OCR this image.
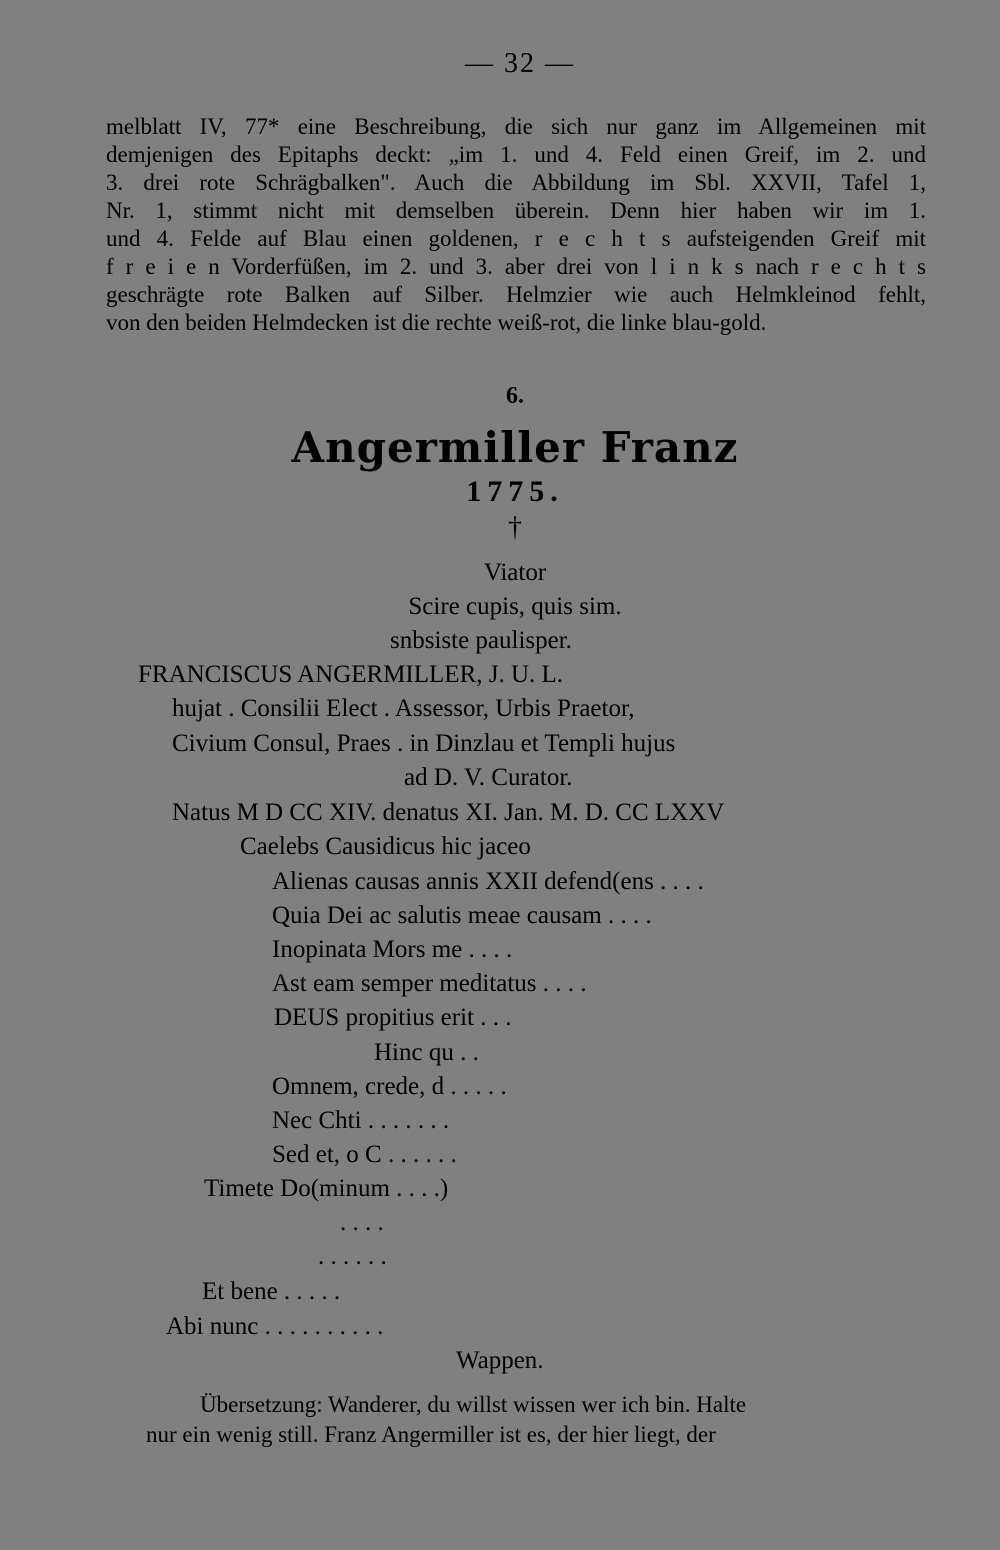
— 32 —
melblatt IV, 77* eine Beschreibung, die sich nur ganz im Allgemeinen mit
demjenigen des Epitaphs deckt: „im 1. und 4. Feld einen Greif, im 2. und
3. drei rote Schrägbalken". Auch die Abbildung im Sbl. XXVII, Tafel 1,
Nr. 1, stimmt nicht mit demselben überein. Denn hier haben wir im 1.
und 4. Felde auf Blau einen goldenen, r e c h t s aufsteigenden Greif mit
f r e i e n Vorderfüßen, im 2. und 3. aber drei von l i n k s nach r e c h t s
geschrägte rote Balken auf Silber. Helmzier wie auch Helmkleinod fehlt,
von den beiden Helmdecken ist die rechte weiß-rot, die linke blau-gold.
6.
Angermiller Franz
1775.
†
Viator
Scire cupis, quis sim.
snbsiste paulisper.
FRANCISCUS ANGERMILLER, J. U. L.
hujat . Consilii Elect . Assessor, Urbis Praetor,
Civium Consul, Praes . in Dinzlau et Templi hujus
ad D. V. Curator.
Natus M D CC XIV. denatus XI. Jan. M. D. CC LXXV
Caelebs Causidicus hic jaceo
Alienas causas annis XXII defend(ens . . . .
Quia Dei ac salutis meae causam . . . .
Inopinata Mors me . . . .
Ast eam semper meditatus . . . .
DEUS propitius erit . . .
Hinc qu . .
Omnem, crede, d . . . . .
Nec Chti . . . . . . .
Sed et, o C . . . . . .
Timete Do(minum . . . .)
. . . .
. . . . . .
Et bene . . . . .
Abi nunc . . . . . . . . . .
Wappen.
Übersetzung: Wanderer, du willst wissen wer ich bin. Halte
nur ein wenig still. Franz Angermiller ist es, der hier liegt, der
